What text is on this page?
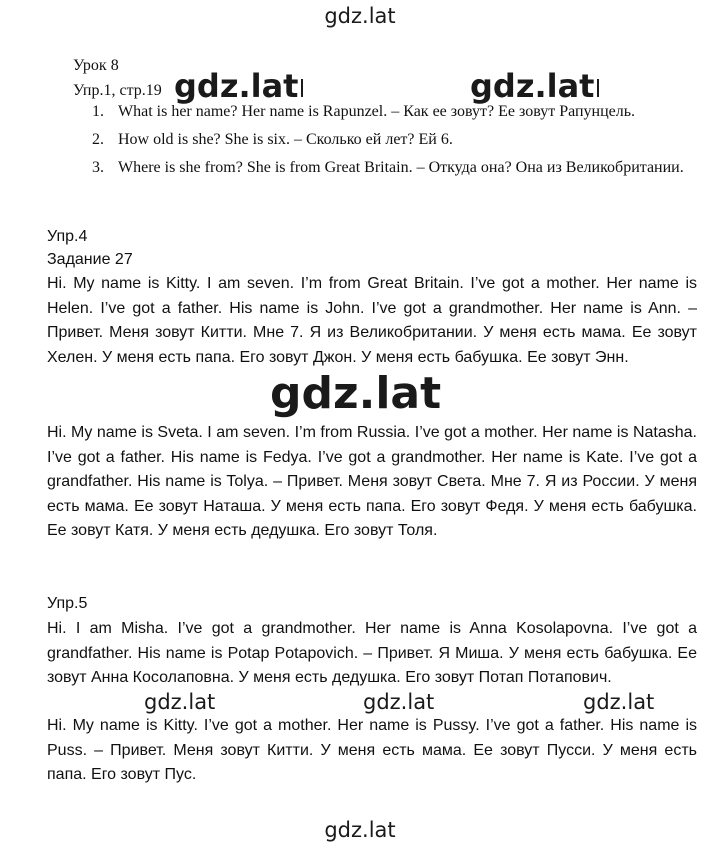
gdz.lat
Урок 8
Упр.1, стр.19
1. What is her name? Her name is Rapunzel. – Как ее зовут? Ее зовут Рапунцель.
2. How old is she? She is six. – Сколько ей лет? Ей 6.
3. Where is she from? She is from Great Britain. – Откуда она? Она из Великобритании.
gdz.lat	gdz.lat
Упр.4
Задание 27
Hi. My name is Kitty. I am seven. I’m from Great Britain. I’ve got a mother. Her name is Helen. I’ve got a father. His name is John. I’ve got a grandmother. Her name is Ann. – Привет. Меня зовут Китти. Мне 7. Я из Великобритании. У меня есть мама. Ее зовут Хелен. У меня есть папа. Его зовут Джон. У меня есть бабушка. Ее зовут Энн.
gdz.lat
Hi. My name is Sveta. I am seven. I’m from Russia. I’ve got a mother. Her name is Natasha. I’ve got a father. His name is Fedya. I’ve got a grandmother. Her name is Kate. I’ve got a grandfather. His name is Tolya. – Привет. Меня зовут Света. Мне 7. Я из России. У меня есть мама. Ее зовут Наташа. У меня есть папа. Его зовут Федя. У меня есть бабушка. Ее зовут Катя. У меня есть дедушка. Его зовут Толя.
Упр.5
Hi. I am Misha. I’ve got a grandmother. Her name is Anna Kosolapovna. I’ve got a grandfather. His name is Potap Potapovich. – Привет. Я Миша. У меня есть бабушка. Ее зовут Анна Косолаповна. У меня есть дедушка. Его зовут Потап Потапович.
gdz.lat	gdz.lat	gdz.lat
Hi. My name is Kitty. I’ve got a mother. Her name is Pussy. I’ve got a father. His name is Puss. – Привет. Меня зовут Китти. У меня есть мама. Ее зовут Пусси. У меня есть папа. Его зовут Пус.
gdz.lat
